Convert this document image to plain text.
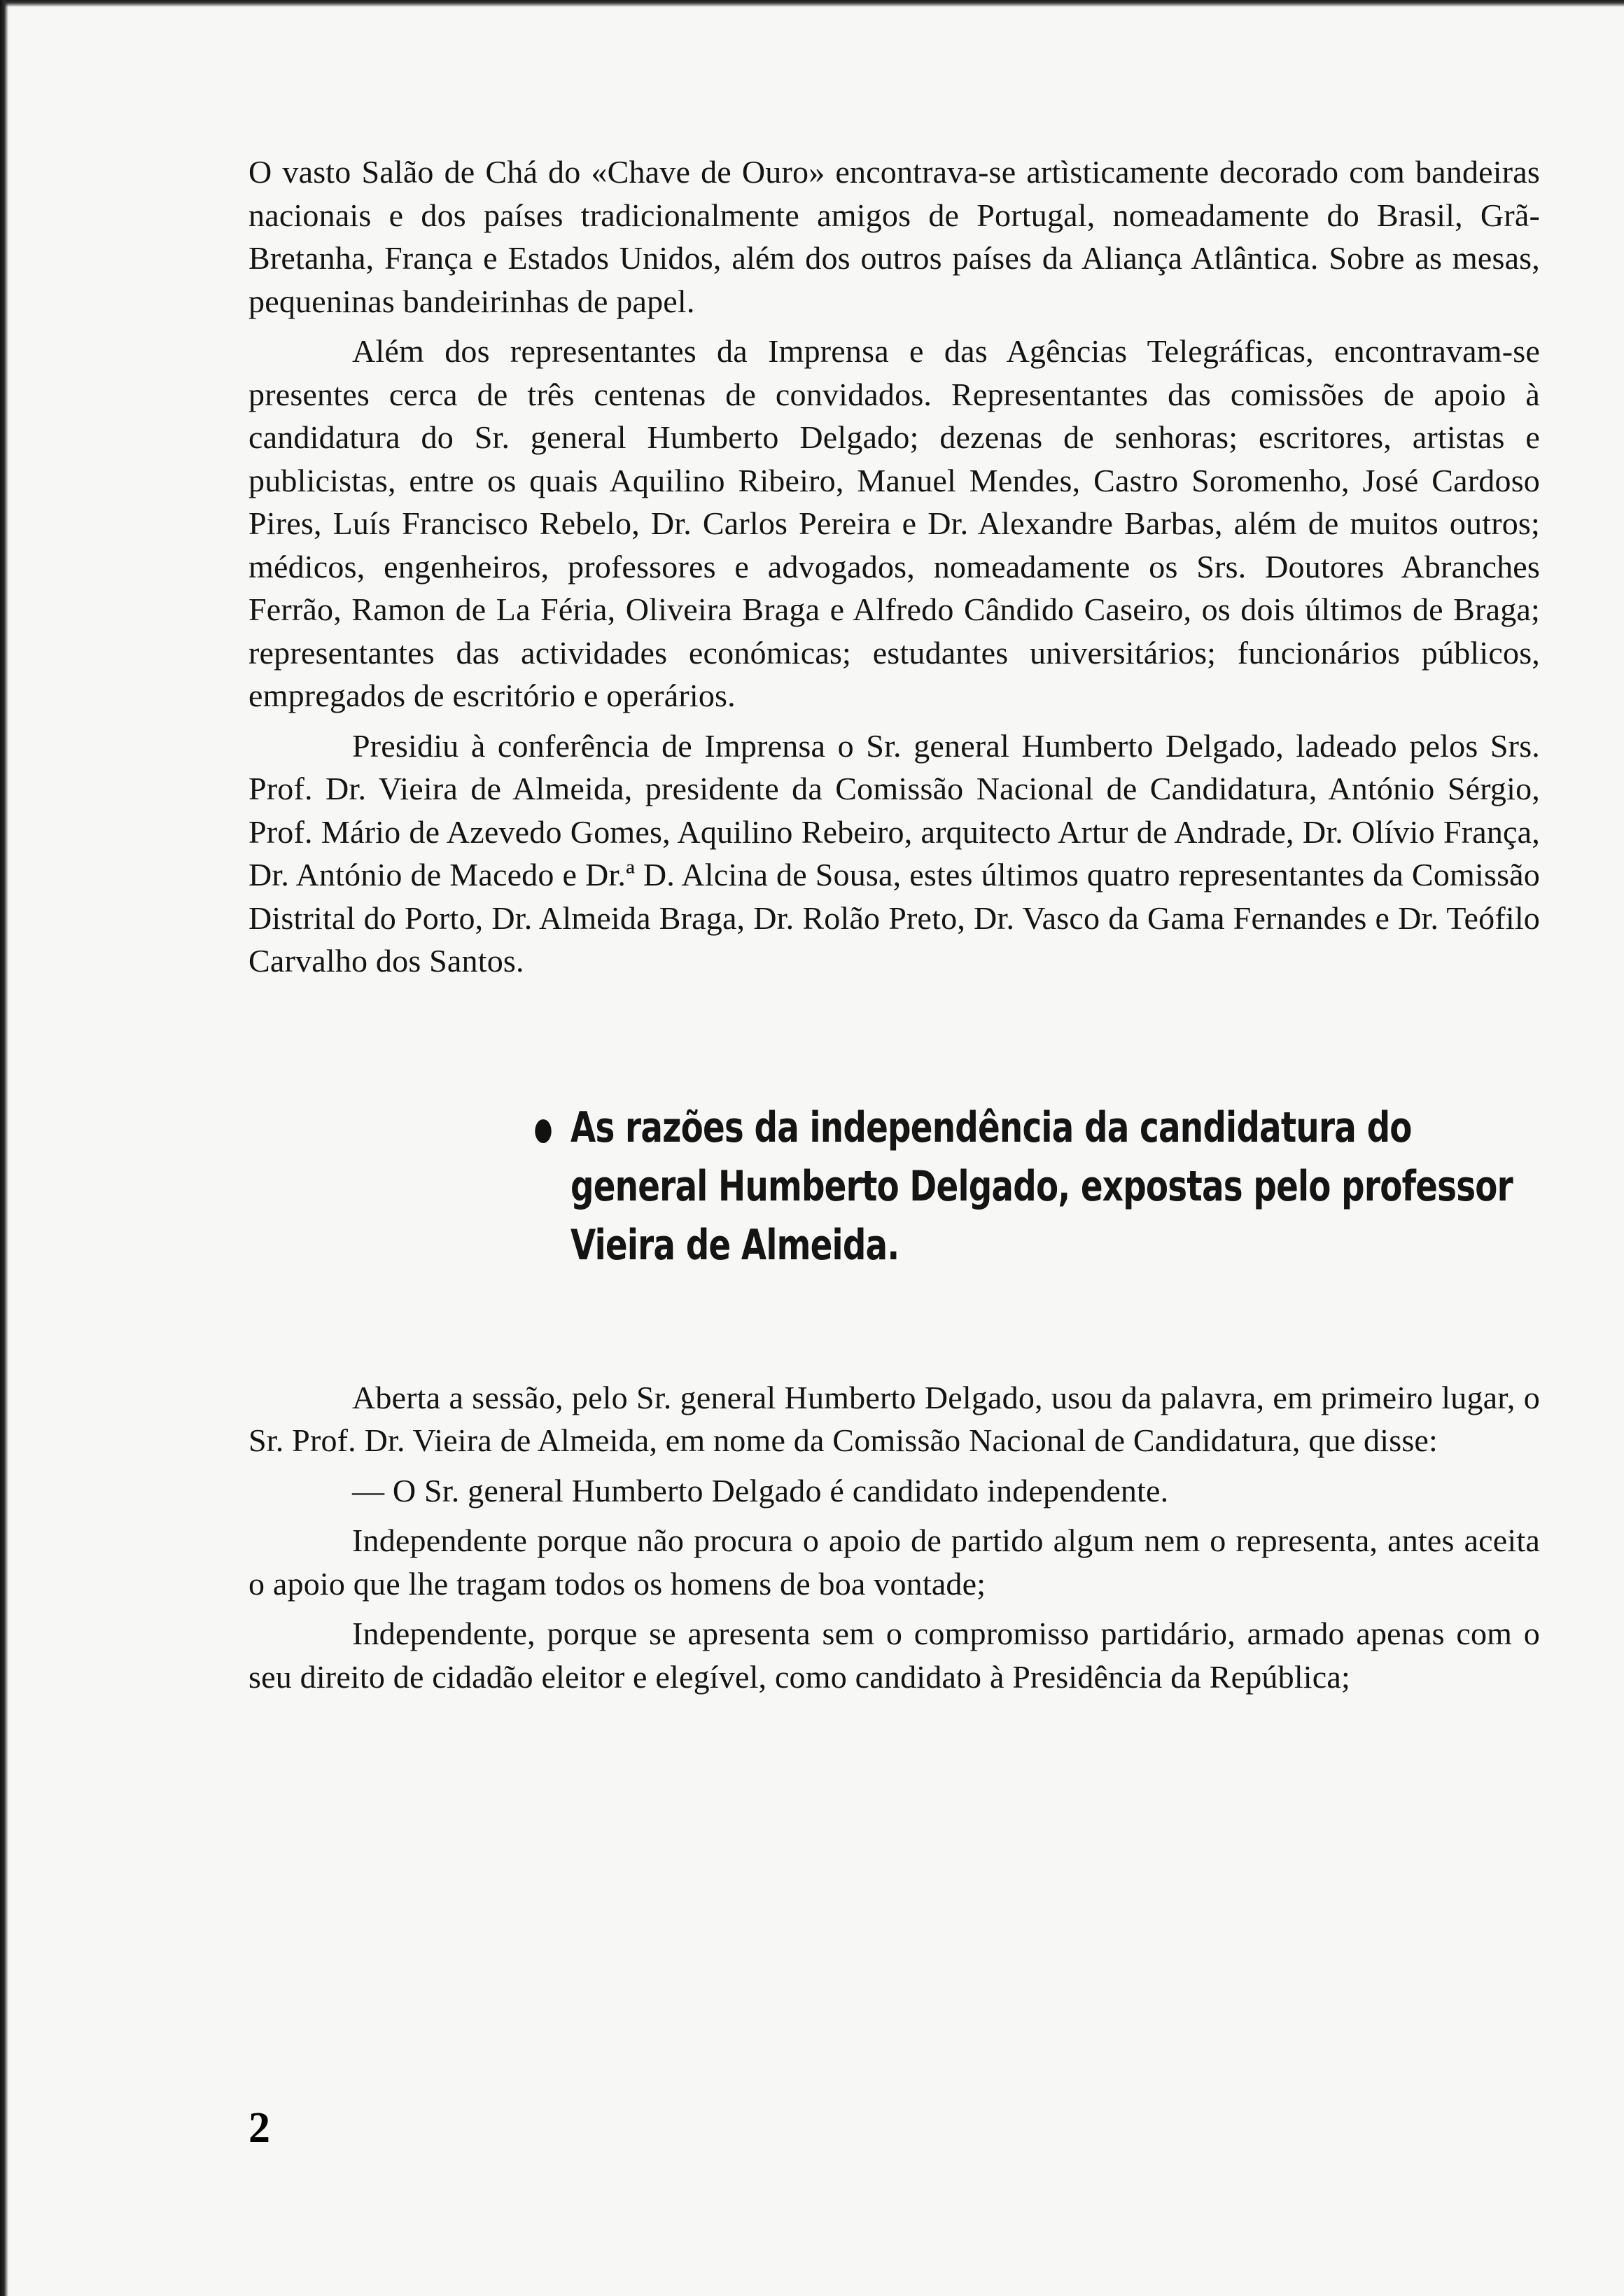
O vasto Salão de Chá do «Chave de Ouro» encontrava-se artìsticamente decorado com bandeiras nacionais e dos países tradicionalmente amigos de Portugal, nomeadamente do Brasil, Grã-Bretanha, França e Estados Unidos, além dos outros países da Aliança Atlântica. Sobre as mesas, pequeninas bandeirinhas de papel.

Além dos representantes da Imprensa e das Agências Telegráficas, encontravam-se presentes cerca de três centenas de convidados. Representantes das comissões de apoio à candidatura do Sr. general Humberto Delgado; dezenas de senhoras; escritores, artistas e publicistas, entre os quais Aquilino Ribeiro, Manuel Mendes, Castro Soromenho, José Cardoso Pires, Luís Francisco Rebelo, Dr. Carlos Pereira e Dr. Alexandre Barbas, além de muitos outros; médicos, engenheiros, professores e advogados, nomeadamente os Srs. Doutores Abranches Ferrão, Ramon de La Féria, Oliveira Braga e Alfredo Cândido Caseiro, os dois últimos de Braga; representantes das actividades económicas; estudantes universitários; funcionários públicos, empregados de escritório e operários.

Presidiu à conferência de Imprensa o Sr. general Humberto Delgado, ladeado pelos Srs. Prof. Dr. Vieira de Almeida, presidente da Comissão Nacional de Candidatura, António Sérgio, Prof. Mário de Azevedo Gomes, Aquilino Rebeiro, arquitecto Artur de Andrade, Dr. Olívio França, Dr. António de Macedo e Dr.ª D. Alcina de Sousa, estes últimos quatro representantes da Comissão Distrital do Porto, Dr. Almeida Braga, Dr. Rolão Preto, Dr. Vasco da Gama Fernandes e Dr. Teófilo Carvalho dos Santos.

As razões da independência da candidatura do general Humberto Delgado, expostas pelo professor Vieira de Almeida.

Aberta a sessão, pelo Sr. general Humberto Delgado, usou da palavra, em primeiro lugar, o Sr. Prof. Dr. Vieira de Almeida, em nome da Comissão Nacional de Candidatura, que disse:

— O Sr. general Humberto Delgado é candidato independente.

Independente porque não procura o apoio de partido algum nem o representa, antes aceita o apoio que lhe tragam todos os homens de boa vontade;

Independente, porque se apresenta sem o compromisso partidário, armado apenas com o seu direito de cidadão eleitor e elegível, como candidato à Presidência da República;

2
